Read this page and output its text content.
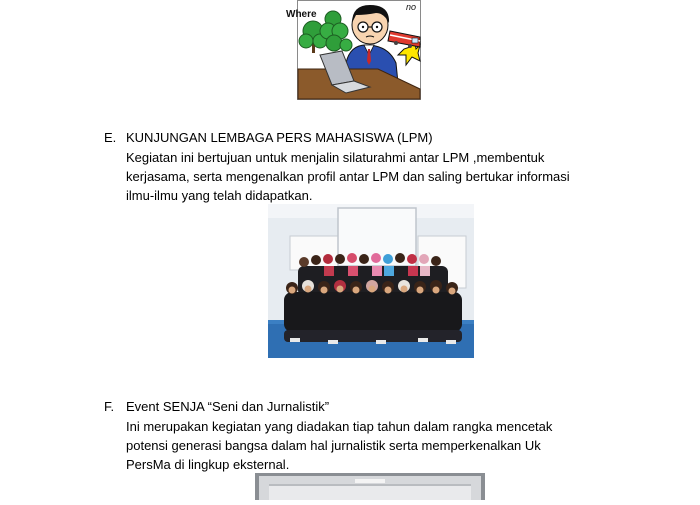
Where
no
E. KUNJUNGAN LEMBAGA PERS MAHASISWA (LPM)
Kegiatan ini bertujuan untuk menjalin silaturahmi antar LPM ,membentuk
kerjasama, serta mengenalkan profil antar LPM dan saling bertukar informasi
ilmu-ilmu yang telah didapatkan.
F. Event SENJA “Seni dan Jurnalistik”
Ini merupakan kegiatan yang diadakan tiap tahun dalam rangka mencetak
potensi generasi bangsa dalam hal jurnalistik serta memperkenalkan Uk
PersMa di lingkup eksternal.
